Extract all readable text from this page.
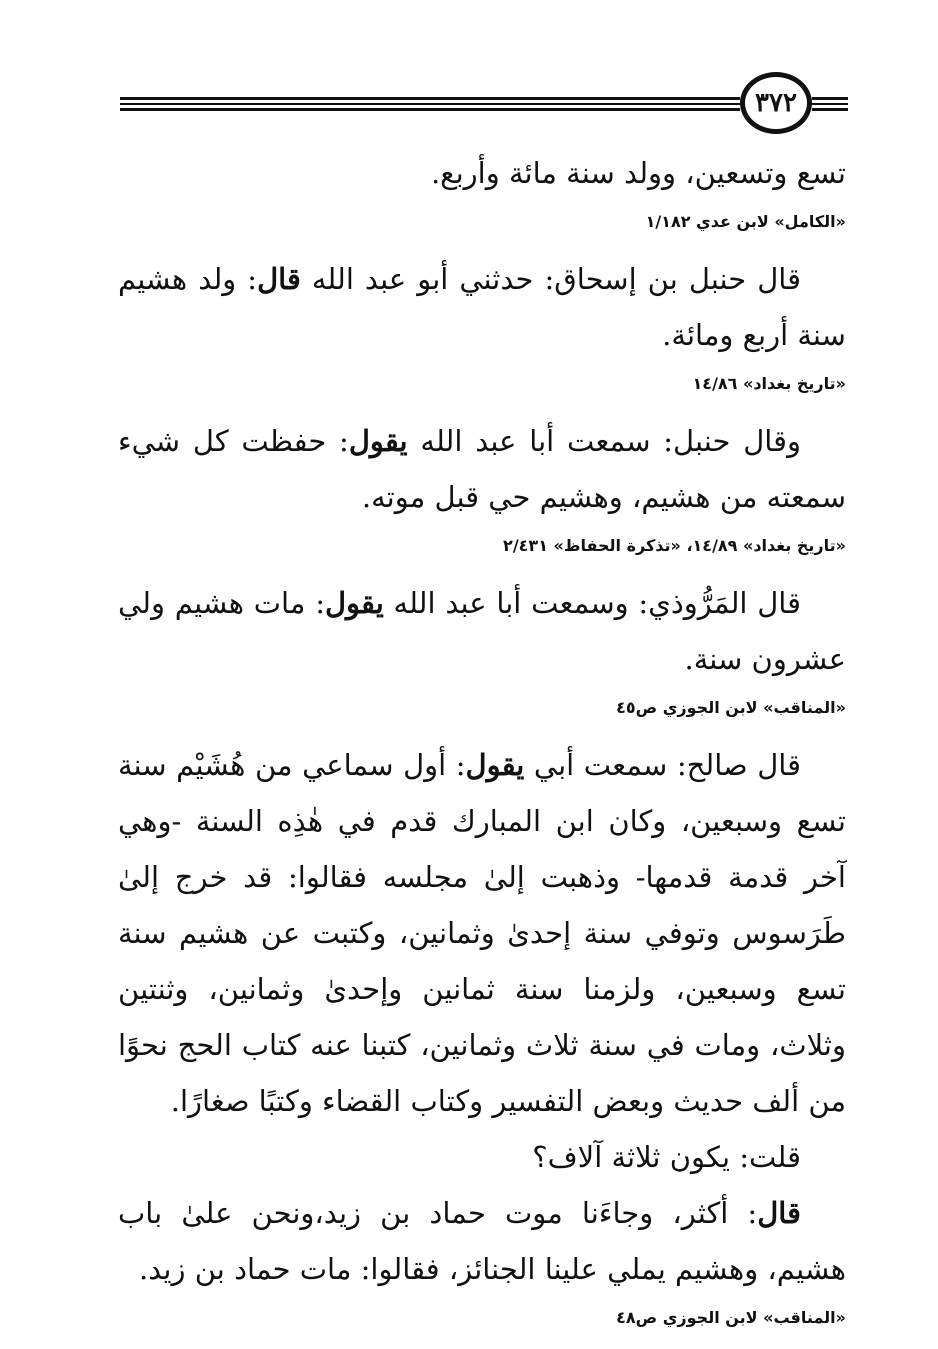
٣٧٢

تسع وتسعين، وولد سنة مائة وأربع.

«الكامل» لابن عدي ١/١٨٢

قال حنبل بن إسحاق: حدثني أبو عبد الله قال: ولد هشيم سنة أربع ومائة.

«تاريخ بغداد» ١٤/٨٦

وقال حنبل: سمعت أبا عبد الله يقول: حفظت كل شيء سمعته من هشيم، وهشيم حي قبل موته.

«تاريخ بغداد» ١٤/٨٩، «تذكرة الحفاظ» ٢/٤٣١

قال المَرُّوذي: وسمعت أبا عبد الله يقول: مات هشيم ولي عشرون سنة.

«المناقب» لابن الجوزي ص٤٥

قال صالح: سمعت أبي يقول: أول سماعي من هُشَيْم سنة تسع وسبعين، وكان ابن المبارك قدم في هٰذِه السنة -وهي آخر قدمة قدمها- وذهبت إلىٰ مجلسه فقالوا: قد خرج إلىٰ طَرَسوس وتوفي سنة إحدىٰ وثمانين، وكتبت عن هشيم سنة تسع وسبعين، ولزمنا سنة ثمانين وإحدىٰ وثمانين، وثنتين وثلاث، ومات في سنة ثلاث وثمانين، كتبنا عنه كتاب الحج نحوًا من ألف حديث وبعض التفسير وكتاب القضاء وكتبًا صغارًا.

قلت: يكون ثلاثة آلاف؟

قال: أكثر، وجاءَنا موت حماد بن زيد،ونحن علىٰ باب هشيم، وهشيم يملي علينا الجنائز، فقالوا: مات حماد بن زيد.

«المناقب» لابن الجوزي ص٤٨
